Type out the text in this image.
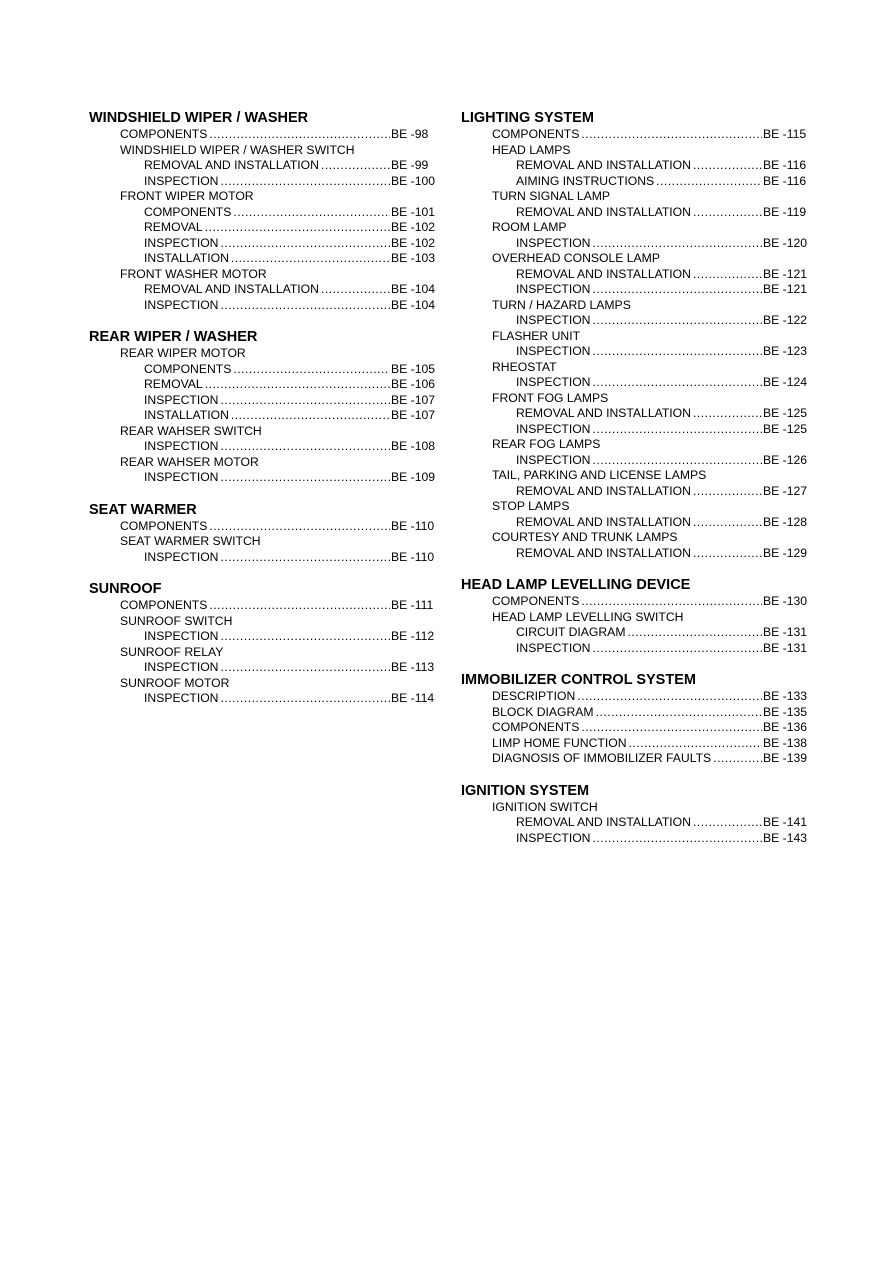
WINDSHIELD WIPER / WASHER
COMPONENTS .....	BE -98
WINDSHIELD WIPER / WASHER SWITCH
REMOVAL AND INSTALLATION .....	BE -99
INSPECTION .....	BE -100
FRONT WIPER MOTOR
COMPONENTS .....	BE -101
REMOVAL .....	BE -102
INSPECTION .....	BE -102
INSTALLATION .....	BE -103
FRONT WASHER MOTOR
REMOVAL AND INSTALLATION .....	BE -104
INSPECTION .....	BE -104
REAR WIPER / WASHER
REAR WIPER MOTOR
COMPONENTS .....	BE -105
REMOVAL .....	BE -106
INSPECTION .....	BE -107
INSTALLATION .....	BE -107
REAR WAHSER SWITCH
INSPECTION .....	BE -108
REAR WAHSER MOTOR
INSPECTION .....	BE -109
SEAT WARMER
COMPONENTS .....	BE -110
SEAT WARMER SWITCH
INSPECTION .....	BE -110
SUNROOF
COMPONENTS .....	BE -111
SUNROOF SWITCH
INSPECTION .....	BE -112
SUNROOF RELAY
INSPECTION .....	BE -113
SUNROOF MOTOR
INSPECTION .....	BE -114
LIGHTING SYSTEM
COMPONENTS .....	BE -115
HEAD LAMPS
REMOVAL AND INSTALLATION .....	BE -116
AIMING INSTRUCTIONS .....	BE -116
TURN SIGNAL LAMP
REMOVAL AND INSTALLATION .....	BE -119
ROOM LAMP
INSPECTION .....	BE -120
OVERHEAD CONSOLE LAMP
REMOVAL AND INSTALLATION .....	BE -121
INSPECTION .....	BE -121
TURN / HAZARD LAMPS
INSPECTION .....	BE -122
FLASHER UNIT
INSPECTION .....	BE -123
RHEOSTAT
INSPECTION .....	BE -124
FRONT FOG LAMPS
REMOVAL AND INSTALLATION .....	BE -125
INSPECTION .....	BE -125
REAR FOG LAMPS
INSPECTION .....	BE -126
TAIL, PARKING AND LICENSE LAMPS
REMOVAL AND INSTALLATION .....	BE -127
STOP LAMPS
REMOVAL AND INSTALLATION .....	BE -128
COURTESY AND TRUNK LAMPS
REMOVAL AND INSTALLATION .....	BE -129
HEAD LAMP LEVELLING DEVICE
COMPONENTS .....	BE -130
HEAD LAMP LEVELLING SWITCH
CIRCUIT DIAGRAM .....	BE -131
INSPECTION .....	BE -131
IMMOBILIZER CONTROL SYSTEM
DESCRIPTION .....	BE -133
BLOCK DIAGRAM .....	BE -135
COMPONENTS .....	BE -136
LIMP HOME FUNCTION .....	BE -138
DIAGNOSIS OF IMMOBILIZER FAULTS .....	BE -139
IGNITION SYSTEM
IGNITION SWITCH
REMOVAL AND INSTALLATION .....	BE -141
INSPECTION .....	BE -143
